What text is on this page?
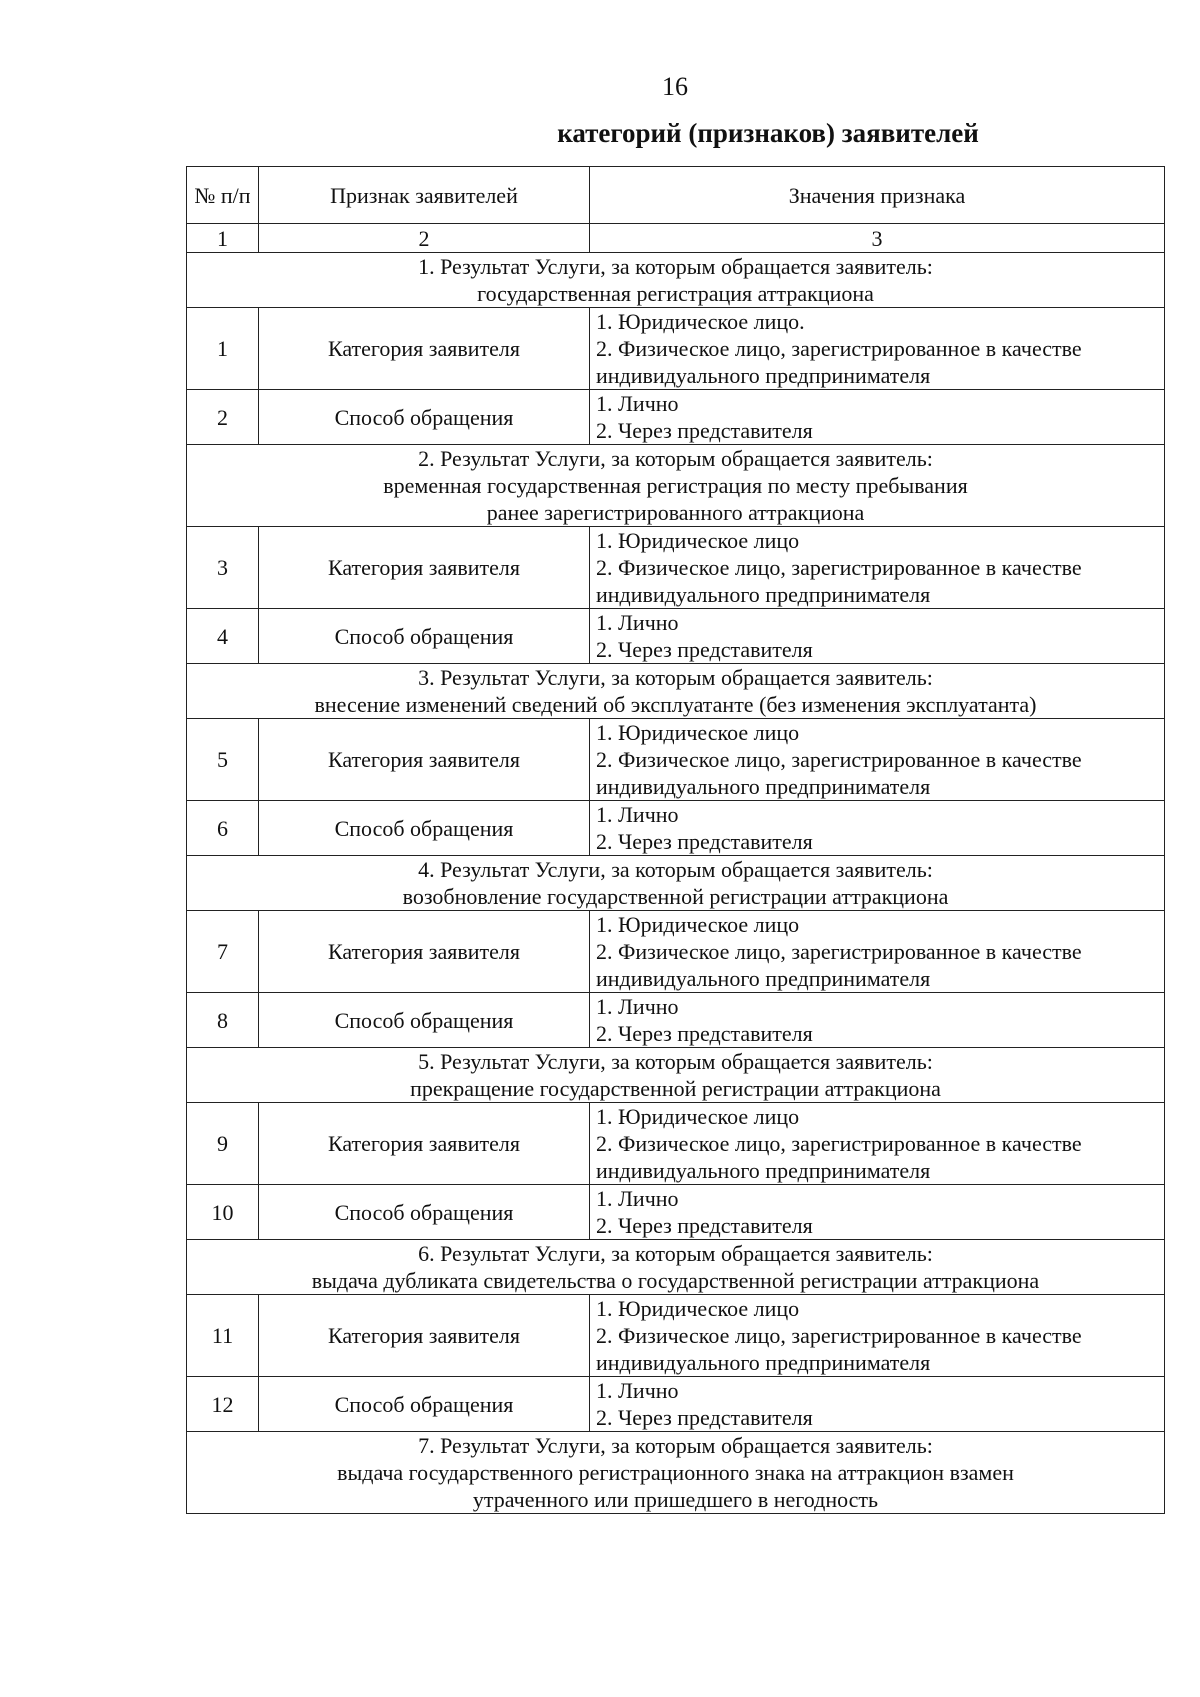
16
категорий (признаков) заявителей
№ п/п	Признак заявителей	Значения признака
1	2	3

1. Результат Услуги, за которым обращается заявитель:
государственная регистрация аттракциона		

1	Категория заявителя	1. Юридическое лицо.
2. Физическое лицо, зарегистрированное в качестве
индивидуального предпринимателя

2	Способ обращения	1. Лично
2. Через представителя

2. Результат Услуги, за которым обращается заявитель:
временная государственная регистрация по месту пребывания
ранее зарегистрированного аттракциона		

3	Категория заявителя	1. Юридическое лицо
2. Физическое лицо, зарегистрированное в качестве
индивидуального предпринимателя

4	Способ обращения	1. Лично
2. Через представителя

3. Результат Услуги, за которым обращается заявитель:
внесение изменений сведений об эксплуатанте (без изменения эксплуатанта)		

5	Категория заявителя	1. Юридическое лицо
2. Физическое лицо, зарегистрированное в качестве
индивидуального предпринимателя

6	Способ обращения	1. Лично
2. Через представителя

4. Результат Услуги, за которым обращается заявитель:
возобновление государственной регистрации аттракциона		

7	Категория заявителя	1. Юридическое лицо
2. Физическое лицо, зарегистрированное в качестве
индивидуального предпринимателя

8	Способ обращения	1. Лично
2. Через представителя

5. Результат Услуги, за которым обращается заявитель:
прекращение государственной регистрации аттракциона		

9	Категория заявителя	1. Юридическое лицо
2. Физическое лицо, зарегистрированное в качестве
индивидуального предпринимателя

10	Способ обращения	1. Лично
2. Через представителя

6. Результат Услуги, за которым обращается заявитель:
выдача дубликата свидетельства о государственной регистрации аттракциона		

11	Категория заявителя	1. Юридическое лицо
2. Физическое лицо, зарегистрированное в качестве
индивидуального предпринимателя

12	Способ обращения	1. Лично
2. Через представителя

7. Результат Услуги, за которым обращается заявитель:
выдача государственного регистрационного знака на аттракцион взамен
утраченного или пришедшего в негодность		
